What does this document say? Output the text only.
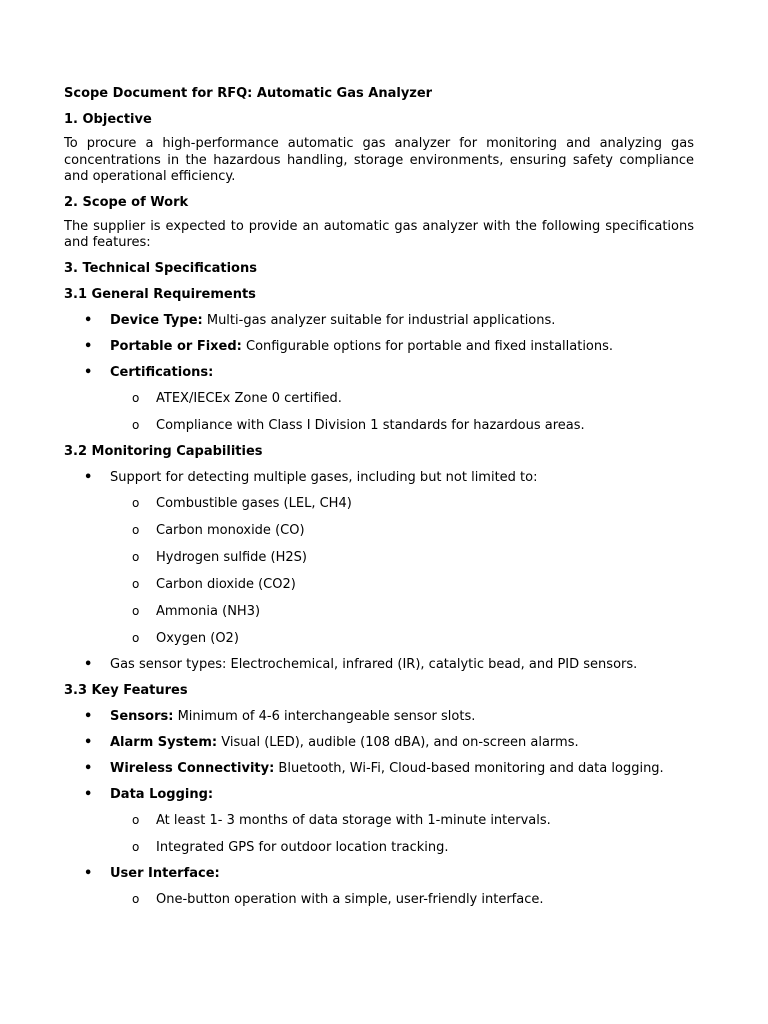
Scope Document for RFQ: Automatic Gas Analyzer

1. Objective

To procure a high-performance automatic gas analyzer for monitoring and analyzing gas concentrations in the hazardous handling, storage environments, ensuring safety compliance and operational efficiency.

2. Scope of Work

The supplier is expected to provide an automatic gas analyzer with the following specifications and features:

3. Technical Specifications

3.1 General Requirements

• Device Type: Multi-gas analyzer suitable for industrial applications.
• Portable or Fixed: Configurable options for portable and fixed installations.
• Certifications:
o ATEX/IECEx Zone 0 certified.
o Compliance with Class I Division 1 standards for hazardous areas.

3.2 Monitoring Capabilities

• Support for detecting multiple gases, including but not limited to:
o Combustible gases (LEL, CH4)
o Carbon monoxide (CO)
o Hydrogen sulfide (H2S)
o Carbon dioxide (CO2)
o Ammonia (NH3)
o Oxygen (O2)
• Gas sensor types: Electrochemical, infrared (IR), catalytic bead, and PID sensors.

3.3 Key Features

• Sensors: Minimum of 4-6 interchangeable sensor slots.
• Alarm System: Visual (LED), audible (108 dBA), and on-screen alarms.
• Wireless Connectivity: Bluetooth, Wi-Fi, Cloud-based monitoring and data logging.
• Data Logging:
o At least 1- 3 months of data storage with 1-minute intervals.
o Integrated GPS for outdoor location tracking.
• User Interface:
o One-button operation with a simple, user-friendly interface.
